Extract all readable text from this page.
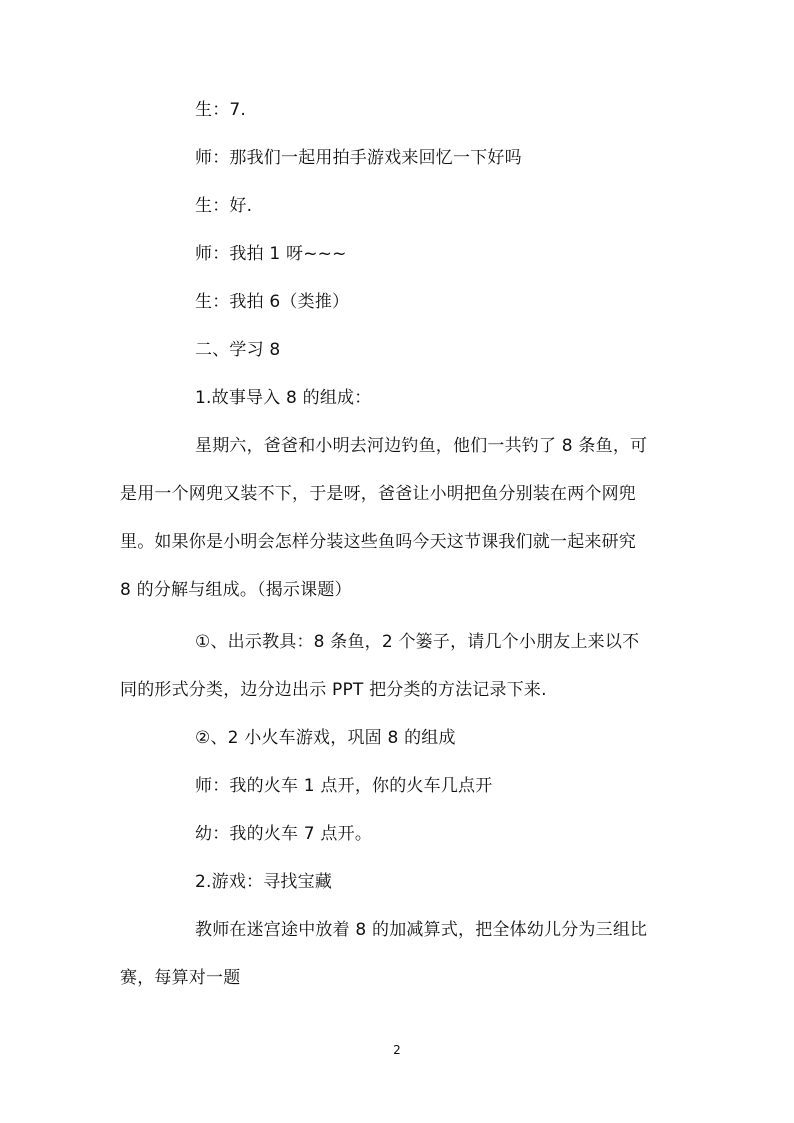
生：7.

师：那我们一起用拍手游戏来回忆一下好吗

生：好.

师：我拍 1 呀~~~

生：我拍 6（类推）

二、学习 8

1.故事导入 8 的组成：

星期六，爸爸和小明去河边钓鱼，他们一共钓了 8 条鱼，可

是用一个网兜又装不下，于是呀，爸爸让小明把鱼分别装在两个网兜

里。如果你是小明会怎样分装这些鱼吗今天这节课我们就一起来研究

8 的分解与组成。（揭示课题）

①、出示教具：8 条鱼，2 个篓子，请几个小朋友上来以不

同的形式分类，边分边出示 PPT 把分类的方法记录下来.

②、2 小火车游戏，巩固 8 的组成

师：我的火车 1 点开，你的火车几点开

幼：我的火车 7 点开。

2.游戏：寻找宝藏

教师在迷宫途中放着 8 的加减算式，把全体幼儿分为三组比

赛，每算对一题

2
